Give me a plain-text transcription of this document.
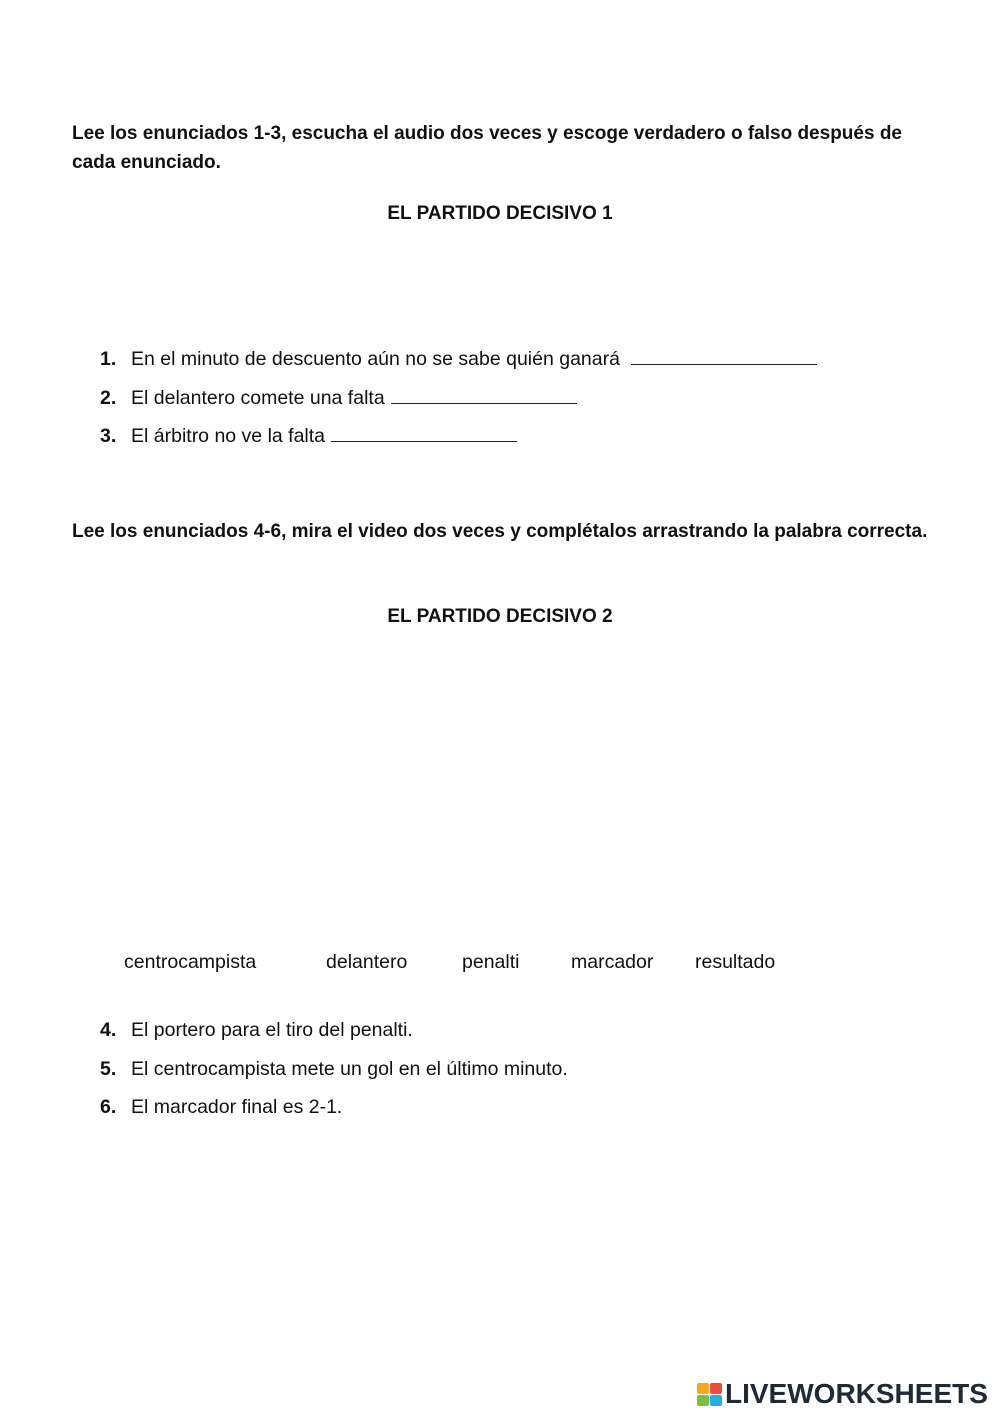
Lee los enunciados 1-3, escucha el audio dos veces y escoge verdadero o falso después de cada enunciado.

EL PARTIDO DECISIVO 1

1. En el minuto de descuento aún no se sabe quién ganará
2. El delantero comete una falta
3. El árbitro no ve la falta

Lee los enunciados 4-6, mira el video dos veces y complétalos arrastrando la palabra correcta.

EL PARTIDO DECISIVO 2

centrocampista	delantero	penalti	marcador resultado
4. El portero para el tiro del penalti.
5. El centrocampista mete un gol en el último minuto.
6. El marcador final es 2-1.
LIVEWORKSHEETS
